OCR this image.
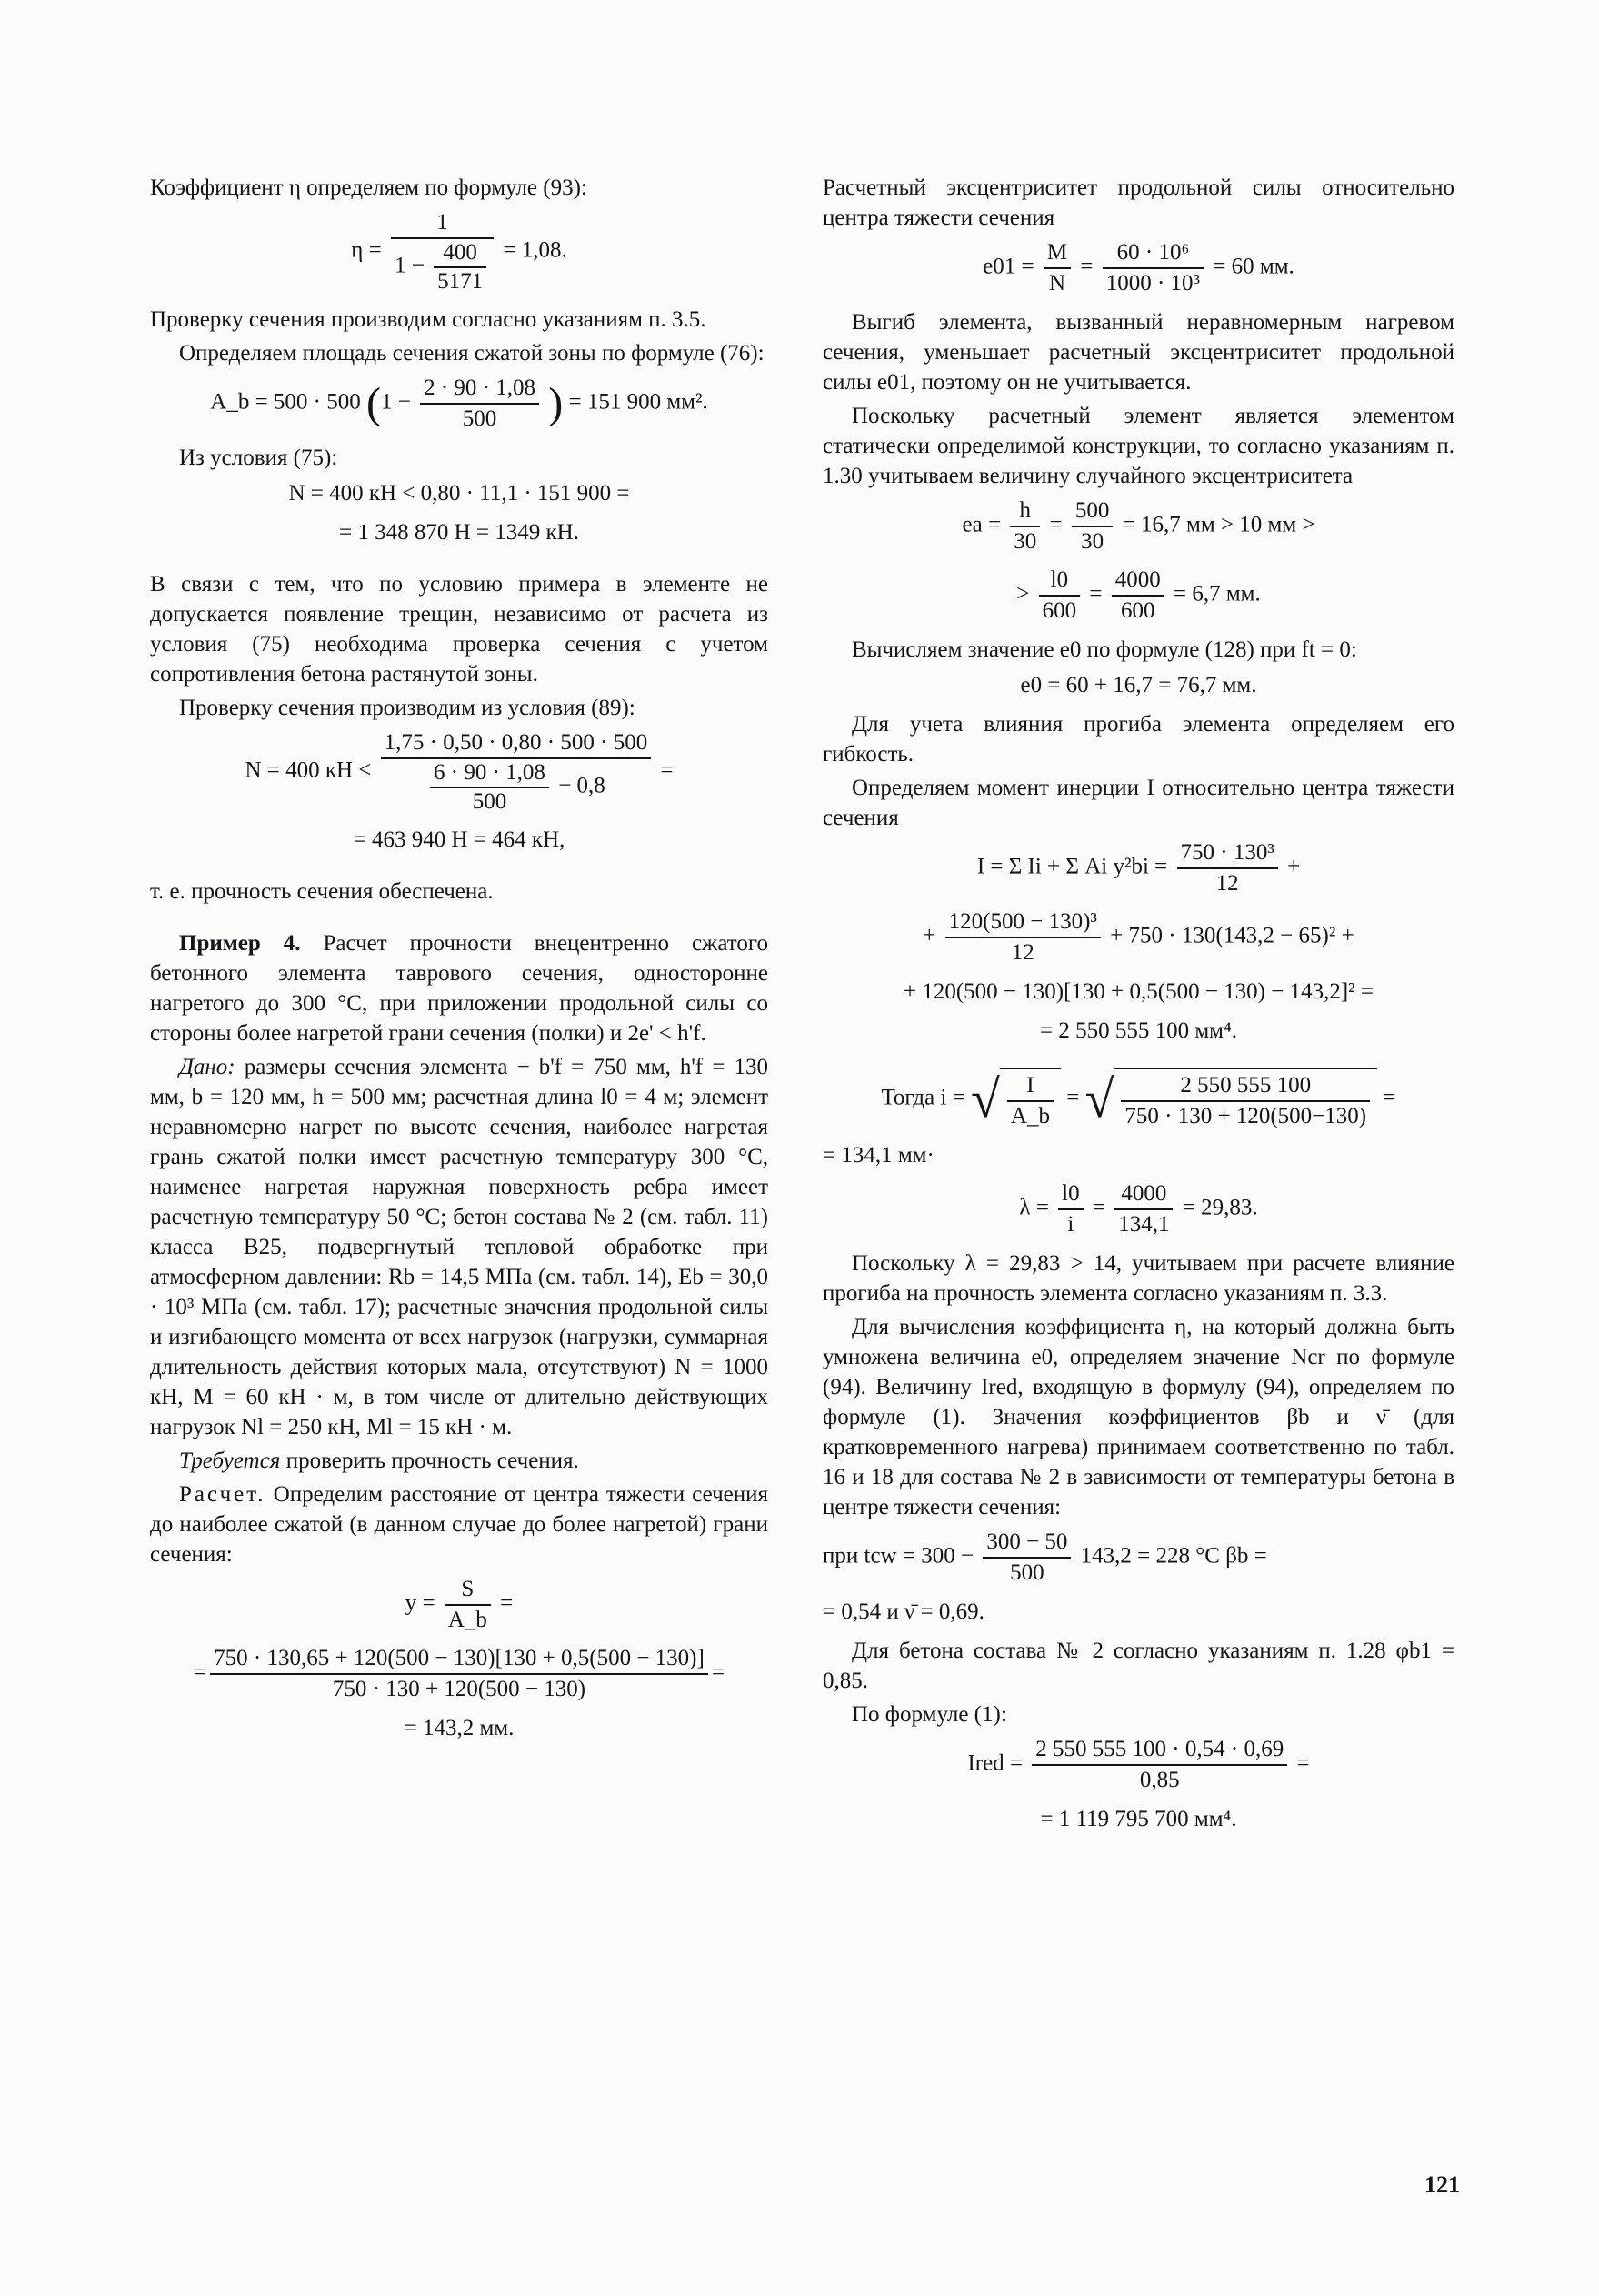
Коэффициент η определяем по формуле (93):

$\eta = \frac{1}{1 - \frac{400}{5171}} = 1,08$.

Проверку сечения производим согласно указаниям п. 3.5.

Определяем площадь сечения сжатой зоны по формуле (76):

A_b = 500 · 500 ($1 - \frac{2 \cdot 90 \cdot 1,08}{500}$ ) = 151 900 мм².

Из условия (75):

N = 400 кН < 0,80 · 11,1 · 151 900 =
= 1 348 870 Н = 1349 кН.

В связи с тем, что по условию примера в элементе не допускается появление трещин, независимо от расчета из условия (75) необходима проверка сечения с учетом сопротивления бетона растянутой зоны.

Проверку сечения производим из условия (89):

N = 400 кН < $\frac{1,75 \cdot 0,50 \cdot 0,80 \cdot 500 \cdot 500}{\frac{6 \cdot 90 \cdot 1,08}{500} - 0,8}$ =
= 463 940 Н = 464 кН,

т. е. прочность сечения обеспечена.

Пример 4. Расчет прочности внецентренно сжатого бетонного элемента таврового сечения, односторонне нагретого до 300 °С, при приложении продольной силы со стороны более нагретой грани сечения (полки) и 2e' < h'f.

Дано: размеры сечения элемента − b'f = 750 мм, h'f = 130 мм, b = 120 мм, h = 500 мм; расчетная длина l0 = 4 м; элемент неравномерно нагрет по высоте сечения, наиболее нагретая грань сжатой полки имеет расчетную температуру 300 °С, наименее нагретая наружная поверхность ребра имеет расчетную температуру 50 °С; бетон состава № 2 (см. табл. 11) класса В25, подвергнутый тепловой обработке при атмосферном давлении: Rb = 14,5 МПа (см. табл. 14), Eb = 30,0 · 10³ МПа (см. табл. 17); расчетные значения продольной силы и изгибающего момента от всех нагрузок (нагрузки, суммарная длительность действия которых мала, отсутствуют) N = 1000 кН, M = 60 кН · м, в том числе от длительно действующих нагрузок Nl = 250 кН, Ml = 15 кН · м.

Требуется проверить прочность сечения.

Расчет. Определим расстояние от центра тяжести сечения до наиболее сжатой (в данном случае до более нагретой) грани сечения:

$y = \frac{S}{A\_b}$ =
= $\frac{750 \cdot 130,65 + 120(500 - 130)[130 + 0,5(500 - 130)]}{750 \cdot 130 + 120(500 - 130)}$ =
= 143,2 мм.

Расчетный эксцентриситет продольной силы относительно центра тяжести сечения

$e01 = \frac{M}{N} = \frac{\text{60 · 10⁶}}{\text{1000 · 10³}} = 60$ мм.

Выгиб элемента, вызванный неравномерным нагревом сечения, уменьшает расчетный эксцентриситет продольной силы e01, поэтому он не учитывается.

Поскольку расчетный элемент является элементом статически определимой конструкции, то согласно указаниям п. 1.30 учитываем величину случайного эксцентриситета

ea = $\frac{h}{30} = \frac{500}{30} = 16,7$ мм > 10 мм >
> $\frac{l0}{600} = \frac{4000}{600} = 6,7$ мм.

Вычисляем значение e0 по формуле (128) при ft = 0:

e0 = 60 + 16,7 = 76,7 мм.

Для учета влияния прогиба элемента определяем его гибкость.

Определяем момент инерции I относительно центра тяжести сечения

I = Σ Ii + Σ Ai $y^2bi = \frac{\text{750 · 130³}}{12}$ +
+ $\frac{\text{120(500 − 130)³}}{12} + 750 \cdot 130(143,2 - 65)^2$ +
+ 120(500 − 130)[130 + 0,5(500 − 130) − 143,2]² =
= 2 550 555 100 мм⁴.
Тогда i = √ $\frac{I}{A\_b}$ = √ $\frac{2 550 555 100}{750 \cdot 130 + 120(500-130)}$ =
= 134,1 мм·
$\lambda = \frac{l0}{i} = \frac{4000}{134,1} = 29,83$.

Поскольку λ = 29,83 > 14, учитываем при расчете влияние прогиба на прочность элемента согласно указаниям п. 3.3.

Для вычисления коэффициента η, на который должна быть умножена величина e0, определяем значение Ncr по формуле (94). Величину Ired, входящую в формулу (94), определяем по формуле (1). Значения коэффициентов βb и ν̄ (для кратковременного нагрева) принимаем соответственно по табл. 16 и 18 для состава № 2 в зависимости от температуры бетона в центре тяжести сечения:

при tcw = $300 - \frac{300 - 50}{500} 143,2 = 228$ °С βb =
= 0,54 и ν̄ = 0,69.

Для бетона состава № 2 согласно указаниям п. 1.28 φb1 = 0,85.

По формуле (1):

Ired = $\frac{2 550 555 100 \cdot 0,54 \cdot 0,69}{0,85}$ =
= 1 119 795 700 мм⁴.
121
